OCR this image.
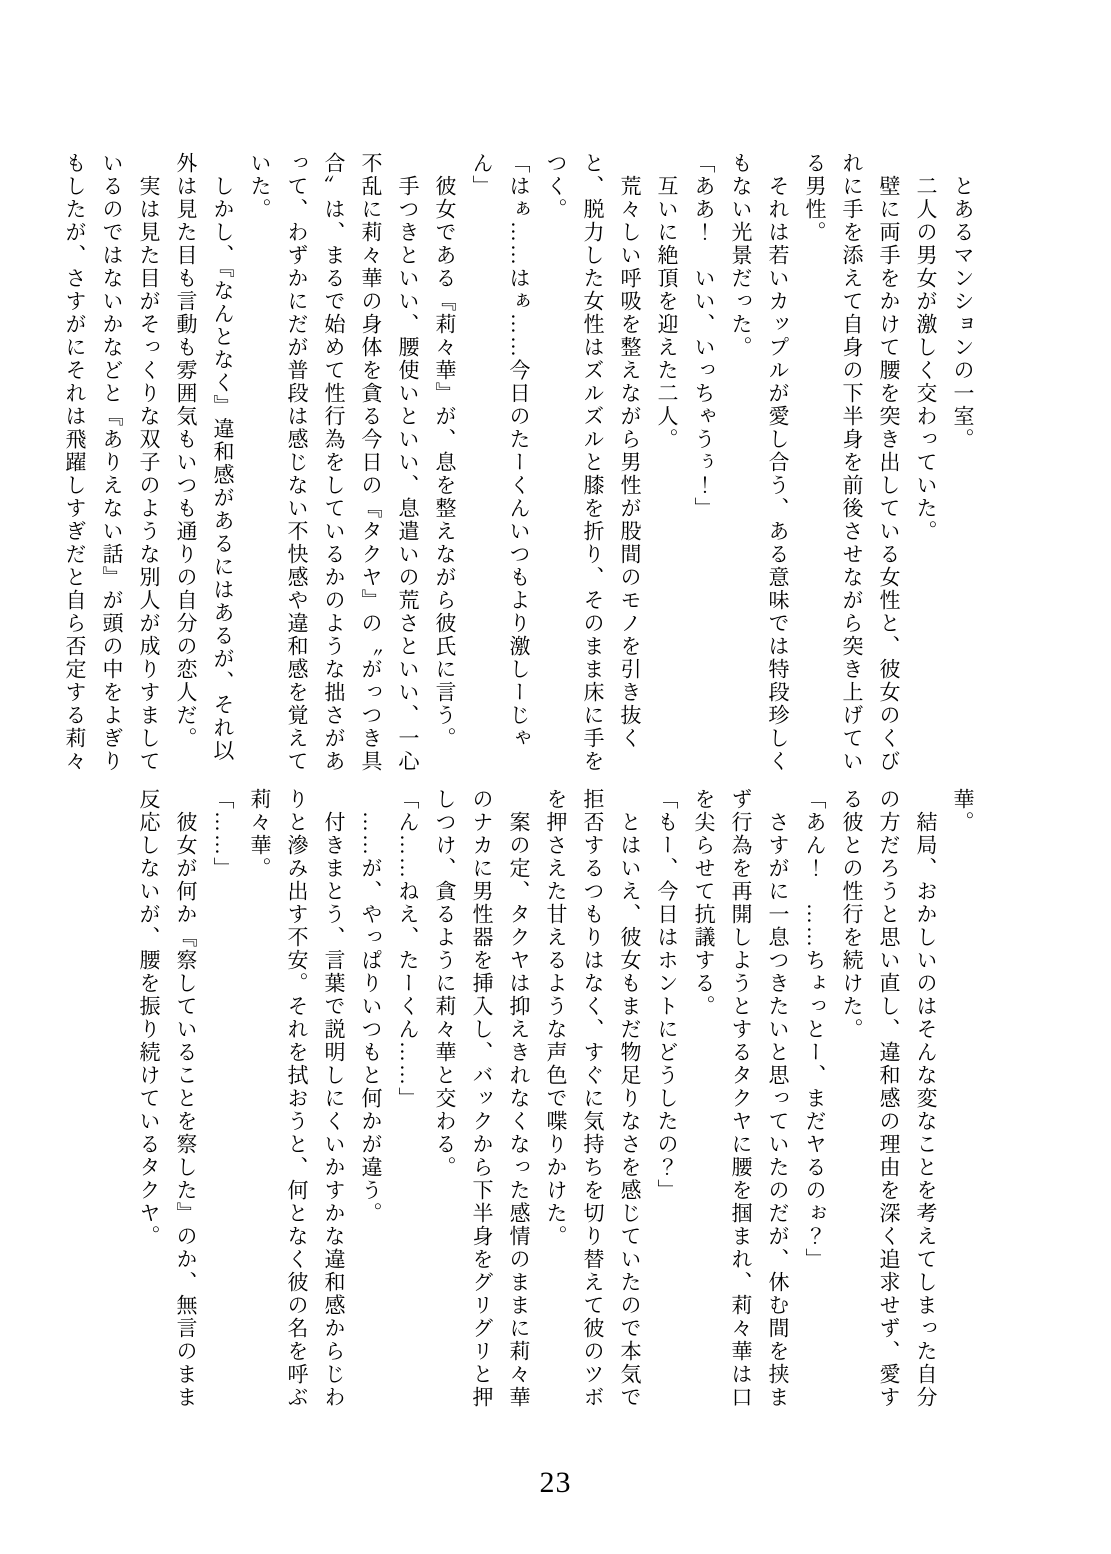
とあるマンションの一室。

二人の男女が激しく交わっていた。

壁に両手をかけて腰を突き出している女性と、彼女のくびれに手を添えて自身の下半身を前後させながら突き上げている男性。

それは若いカップルが愛し合う、ある意味では特段珍しくもない光景だった。

「ああ！　いい、いっちゃうぅ！」

互いに絶頂を迎えた二人。

荒々しい呼吸を整えながら男性が股間のモノを引き抜くと、脱力した女性はズルズルと膝を折り、そのまま床に手をつく。

「はぁ……はぁ……今日のたーくんいつもより激しーじゃん」

彼女である『莉々華』が、息を整えながら彼氏に言う。

手つきといい、腰使いといい、息遣いの荒さといい、一心不乱に莉々華の身体を貪る今日の『タクヤ』の〝がっつき具合〟は、まるで始めて性行為をしているかのような拙さがあって、わずかにだが普段は感じない不快感や違和感を覚えていた。

しかし、『なんとなく』違和感があるにはあるが、それ以外は見た目も言動も雰囲気もいつも通りの自分の恋人だ。

実は見た目がそっくりな双子のような別人が成りすましているのではないかなどと『ありえない話』が頭の中をよぎりもしたが、さすがにそれは飛躍しすぎだと自ら否定する莉々

華。

結局、おかしいのはそんな変なことを考えてしまった自分の方だろうと思い直し、違和感の理由を深く追求せず、愛する彼との性行を続けた。

「あん！　……ちょっとー、まだヤるのぉ？」

さすがに一息つきたいと思っていたのだが、休む間を挟まず行為を再開しようとするタクヤに腰を掴まれ、莉々華は口を尖らせて抗議する。

「もー、今日はホントにどうしたの？」

とはいえ、彼女もまだ物足りなさを感じていたので本気で拒否するつもりはなく、すぐに気持ちを切り替えて彼のツボを押さえた甘えるような声色で喋りかけた。

案の定、タクヤは抑えきれなくなった感情のままに莉々華のナカに男性器を挿入し、バックから下半身をグリグリと押しつけ、貪るように莉々華と交わる。

「ん……ねえ、たーくん……」

……が、やっぱりいつもと何かが違う。

付きまとう、言葉で説明しにくいかすかな違和感からじわりと滲み出す不安。それを拭おうと、何となく彼の名を呼ぶ莉々華。

「……」

彼女が何か『察していることを察した』のか、無言のまま反応しないが、腰を振り続けているタクヤ。

23
